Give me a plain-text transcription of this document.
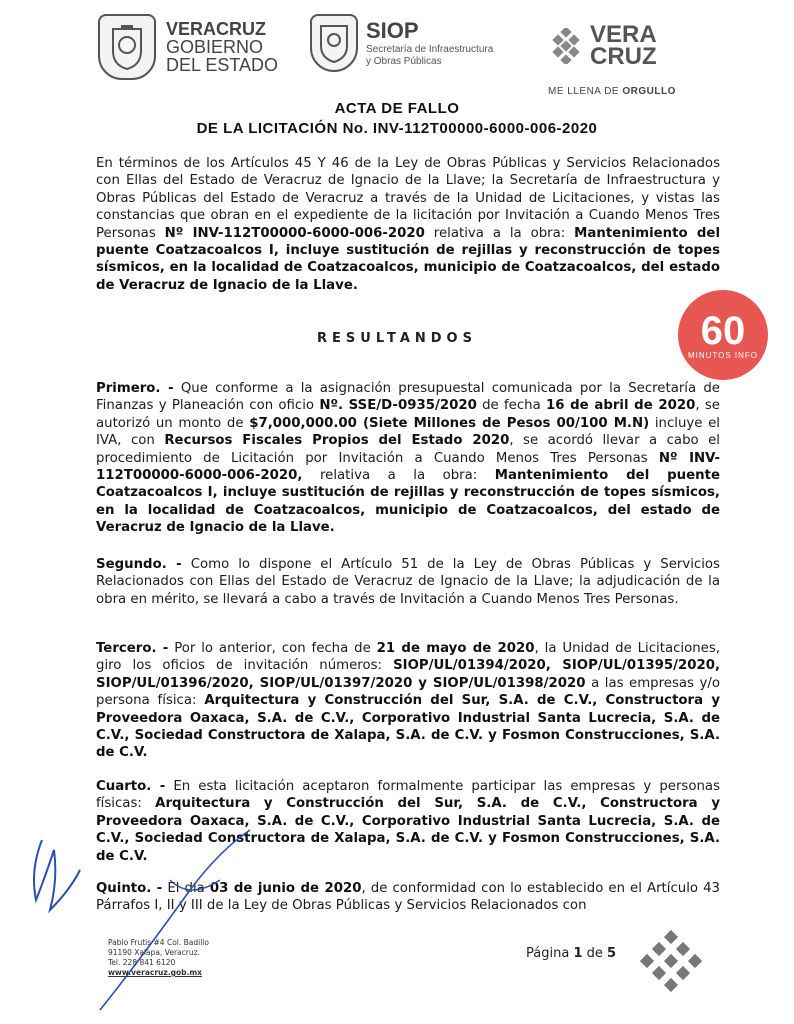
VERACRUZ
GOBIERNO
DEL ESTADO
SIOP
Secretaría de Infraestructura
y Obras Públicas
VERA
CRUZ
ME LLENA DE ORGULLO
ACTA DE FALLO
DE LA LICITACIÓN No. INV-112T00000-6000-006-2020
En términos de los Artículos 45 Y 46 de la Ley de Obras Públicas y Servicios Relacionados con Ellas del Estado de Veracruz de Ignacio de la Llave; la Secretaría de Infraestructura y Obras Públicas del Estado de Veracruz a través de la Unidad de Licitaciones, y vistas las constancias que obran en el expediente de la licitación por Invitación a Cuando Menos Tres Personas Nº INV-112T00000-6000-006-2020 relativa a la obra: Mantenimiento del puente Coatzacoalcos I, incluye sustitución de rejillas y reconstrucción de topes sísmicos, en la localidad de Coatzacoalcos, municipio de Coatzacoalcos, del estado de Veracruz de Ignacio de la Llave.
RESULTANDOS	60
MINUTOS INFO
Primero. - Que conforme a la asignación presupuestal comunicada por la Secretaría de Finanzas y Planeación con oficio Nº. SSE/D-0935/2020 de fecha 16 de abril de 2020, se autorizó un monto de $7,000,000.00 (Siete Millones de Pesos 00/100 M.N) incluye el IVA, con Recursos Fiscales Propios del Estado 2020, se acordó llevar a cabo el procedimiento de Licitación por Invitación a Cuando Menos Tres Personas Nº INV-112T00000-6000-006-2020, relativa a la obra: Mantenimiento del puente Coatzacoalcos I, incluye sustitución de rejillas y reconstrucción de topes sísmicos, en la localidad de Coatzacoalcos, municipio de Coatzacoalcos, del estado de Veracruz de Ignacio de la Llave.
Segundo. - Como lo dispone el Artículo 51 de la Ley de Obras Públicas y Servicios Relacionados con Ellas del Estado de Veracruz de Ignacio de la Llave; la adjudicación de la obra en mérito, se llevará a cabo a través de Invitación a Cuando Menos Tres Personas.
Tercero. - Por lo anterior, con fecha de 21 de mayo de 2020, la Unidad de Licitaciones, giro los oficios de invitación números: SIOP/UL/01394/2020, SIOP/UL/01395/2020, SIOP/UL/01396/2020, SIOP/UL/01397/2020 y SIOP/UL/01398/2020 a las empresas y/o persona física: Arquitectura y Construcción del Sur, S.A. de C.V., Constructora y Proveedora Oaxaca, S.A. de C.V., Corporativo Industrial Santa Lucrecia, S.A. de C.V., Sociedad Constructora de Xalapa, S.A. de C.V. y Fosmon Construcciones, S.A. de C.V.
Cuarto. - En esta licitación aceptaron formalmente participar las empresas y personas físicas: Arquitectura y Construcción del Sur, S.A. de C.V., Constructora y Proveedora Oaxaca, S.A. de C.V., Corporativo Industrial Santa Lucrecia, S.A. de C.V., Sociedad Constructora de Xalapa, S.A. de C.V. y Fosmon Construcciones, S.A. de C.V.
Quinto. - El día 03 de junio de 2020, de conformidad con lo establecido en el Artículo 43 Párrafos I, II y III de la Ley de Obras Públicas y Servicios Relacionados con
Pablo Frutis #4 Col. Badillo
91190 Xalapa, Veracruz.
Tel. 228 841 6120
www.veracruz.gob.mx
Página 1 de 5
